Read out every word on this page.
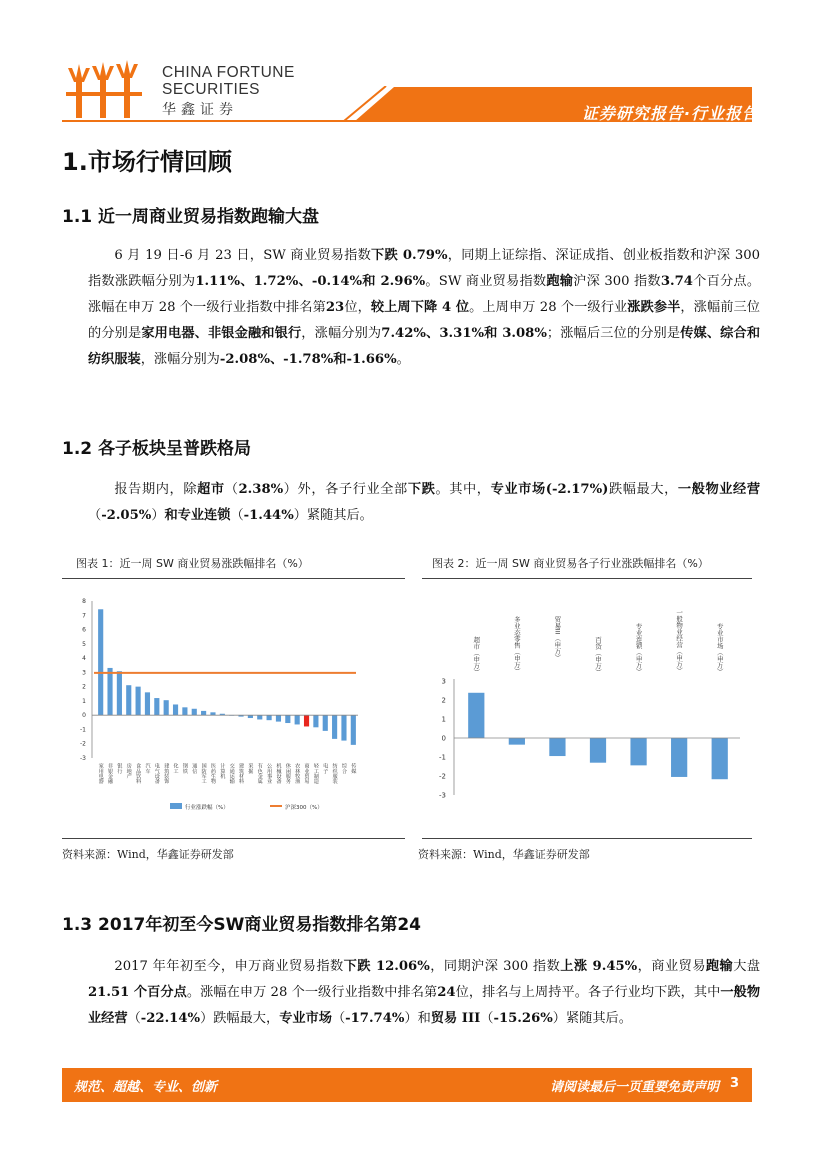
CHINA FORTUNE
SECURITIES
华鑫证券	证券研究报告·行业报告
1.市场行情回顾
1.1 近一周商业贸易指数跑输大盘
6 月 19 日-6 月 23 日，SW 商业贸易指数下跌 0.79%，同期上证综指、深证成指、创业板指数和沪深 300 指数涨跌幅分别为1.11%、1.72%、-0.14%和 2.96%。SW 商业贸易指数跑输沪深 300 指数3.74个百分点。涨幅在申万 28 个一级行业指数中排名第23位，较上周下降 4 位。上周申万 28 个一级行业涨跌参半，涨幅前三位的分别是家用电器、非银金融和银行，涨幅分别为7.42%、3.31%和 3.08%；涨幅后三位的分别是传媒、综合和纺织服装，涨幅分别为-2.08%、-1.78%和-1.66%。
1.2 各子板块呈普跌格局
报告期内，除超市（2.38%）外，各子行业全部下跌。其中，专业市场(-2.17%)跌幅最大，一般物业经营（-2.05%）和专业连锁（-1.44%）紧随其后。
图表 1：近一周 SW 商业贸易涨跌幅排名（%）	图表 2：近一周 SW 商业贸易各子行业涨跌幅排名（%）
-3
-2
-1
0
1
2
3
4
5
6
7
8
家用电器 非银金融 银行 房地产 食品饮料 汽车 电气设备 建筑装饰 化工 钢铁 通信 国防军工 医药生物 计算机 交通运输 建筑材料 采掘 有色金属 公用事业 机械设备 休闲服务 农林牧渔 商业贸易 轻工制造 电子 纺织服装 综合 传媒
行业涨跌幅（%）	沪深300（%）
-3
-2
-1
0
1
2
3
超市（申万）	多业态零售（申万）	贸易III（申万）	百货（申万）	专业连锁（申万）	一般物业经营（申万）	专业市场（申万）
资料来源：Wind，华鑫证券研发部	资料来源：Wind，华鑫证券研发部
1.3 2017年初至今SW商业贸易指数排名第24
2017 年年初至今，申万商业贸易指数下跌 12.06%，同期沪深 300 指数上涨 9.45%，商业贸易跑输大盘21.51 个百分点。涨幅在申万 28 个一级行业指数中排名第24位，排名与上周持平。各子行业均下跌，其中一般物业经营（-22.14%）跌幅最大，专业市场（-17.74%）和贸易 III（-15.26%）紧随其后。
规范、超越、专业、创新	请阅读最后一页重要免责声明 3
